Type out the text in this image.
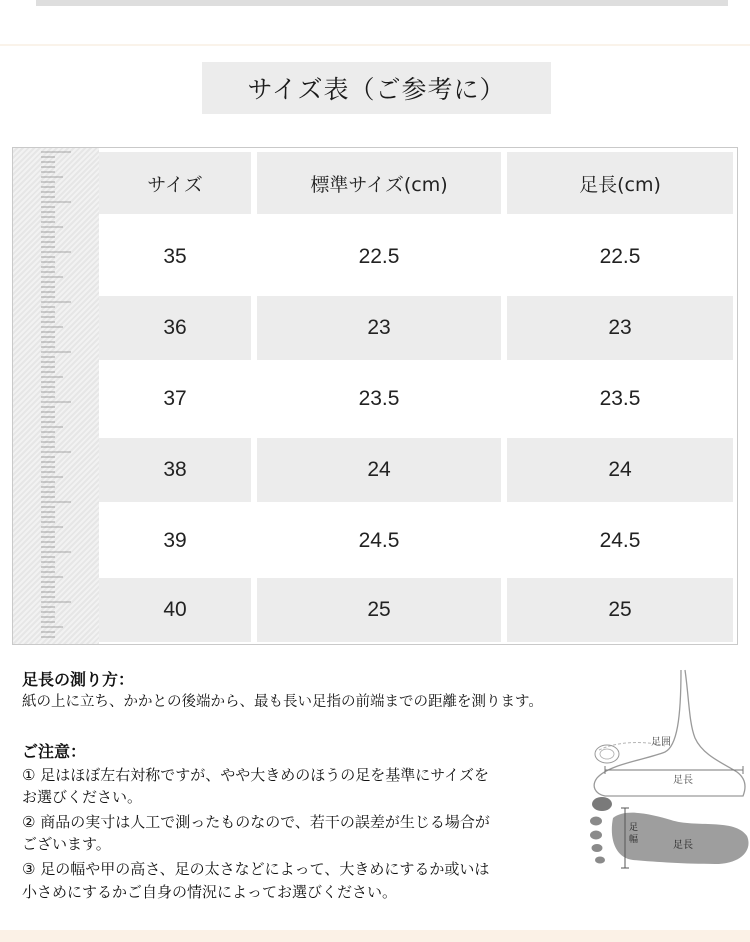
サイズ表（ご参考に）
サイズ	標準サイズ(cm)	足長(cm)
35	22.5	22.5
36	23	23
37	23.5	23.5
38	24	24
39	24.5	24.5
40	25	25
足長の測り方：
紙の上に立ち、かかとの後端から、最も長い足指の前端までの距離を測ります。
ご注意：
① 足はほぼ左右対称ですが、やや大きめのほうの足を基準にサイズを
お選びください。
② 商品の実寸は人工で測ったものなので、若干の誤差が生じる場合が
ございます。
③ 足の幅や甲の高さ、足の太さなどによって、大きめにするか或いは
小さめにするかご自身の情況によってお選びください。
足囲
足長
足幅	足長
